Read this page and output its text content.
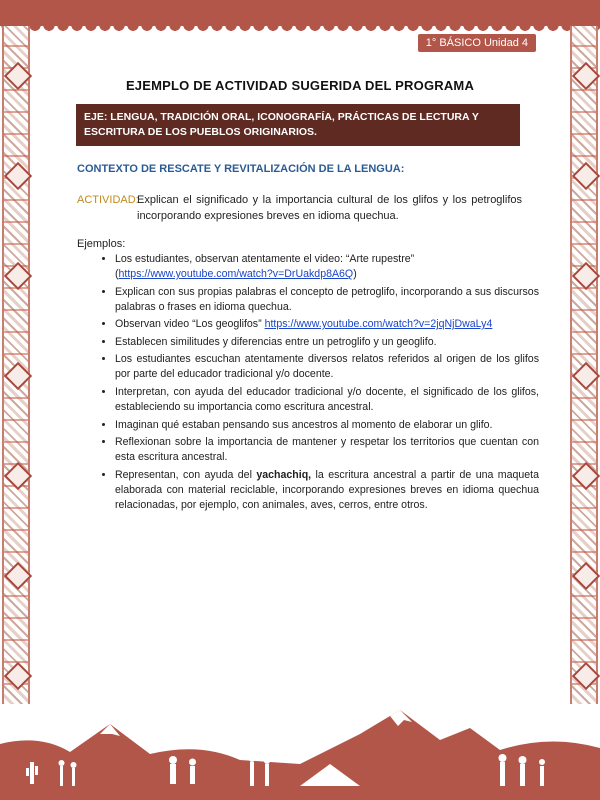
1° BÁSICO Unidad 4
EJEMPLO DE ACTIVIDAD SUGERIDA DEL PROGRAMA
EJE: LENGUA, TRADICIÓN ORAL, ICONOGRAFÍA, PRÁCTICAS DE LECTURA Y ESCRITURA DE LOS PUEBLOS ORIGINARIOS.
CONTEXTO DE RESCATE Y REVITALIZACIÓN DE LA LENGUA:
ACTIVIDAD:
Explican el significado y la importancia cultural de los glifos y los petroglifos incorporando expresiones breves en idioma quechua.
Ejemplos:
• Los estudiantes, observan atentamente el video: “Arte rupestre”
(https://www.youtube.com/watch?v=DrUakdp8A6Q)
• Explican con sus propias palabras el concepto de petroglifo, incorporando a sus discursos palabras o frases en idioma quechua.
• Observan video “Los geoglifos” https://www.youtube.com/watch?v=2jqNjDwaLy4
• Establecen similitudes y diferencias entre un petroglifo y un geoglifo.
• Los estudiantes escuchan atentamente diversos relatos referidos al origen de los glifos por parte del educador tradicional y/o docente.
• Interpretan, con ayuda del educador tradicional y/o docente, el significado de los glifos, estableciendo su importancia como escritura ancestral.
• Imaginan qué estaban pensando sus ancestros al momento de elaborar un glifo.
• Reflexionan sobre la importancia de mantener y respetar los territorios que cuentan con esta escritura ancestral.
• Representan, con ayuda del yachachiq, la escritura ancestral a partir de una maqueta elaborada con material reciclable, incorporando expresiones breves en idioma quechua relacionadas, por ejemplo, con animales, aves, cerros, entre otros.
